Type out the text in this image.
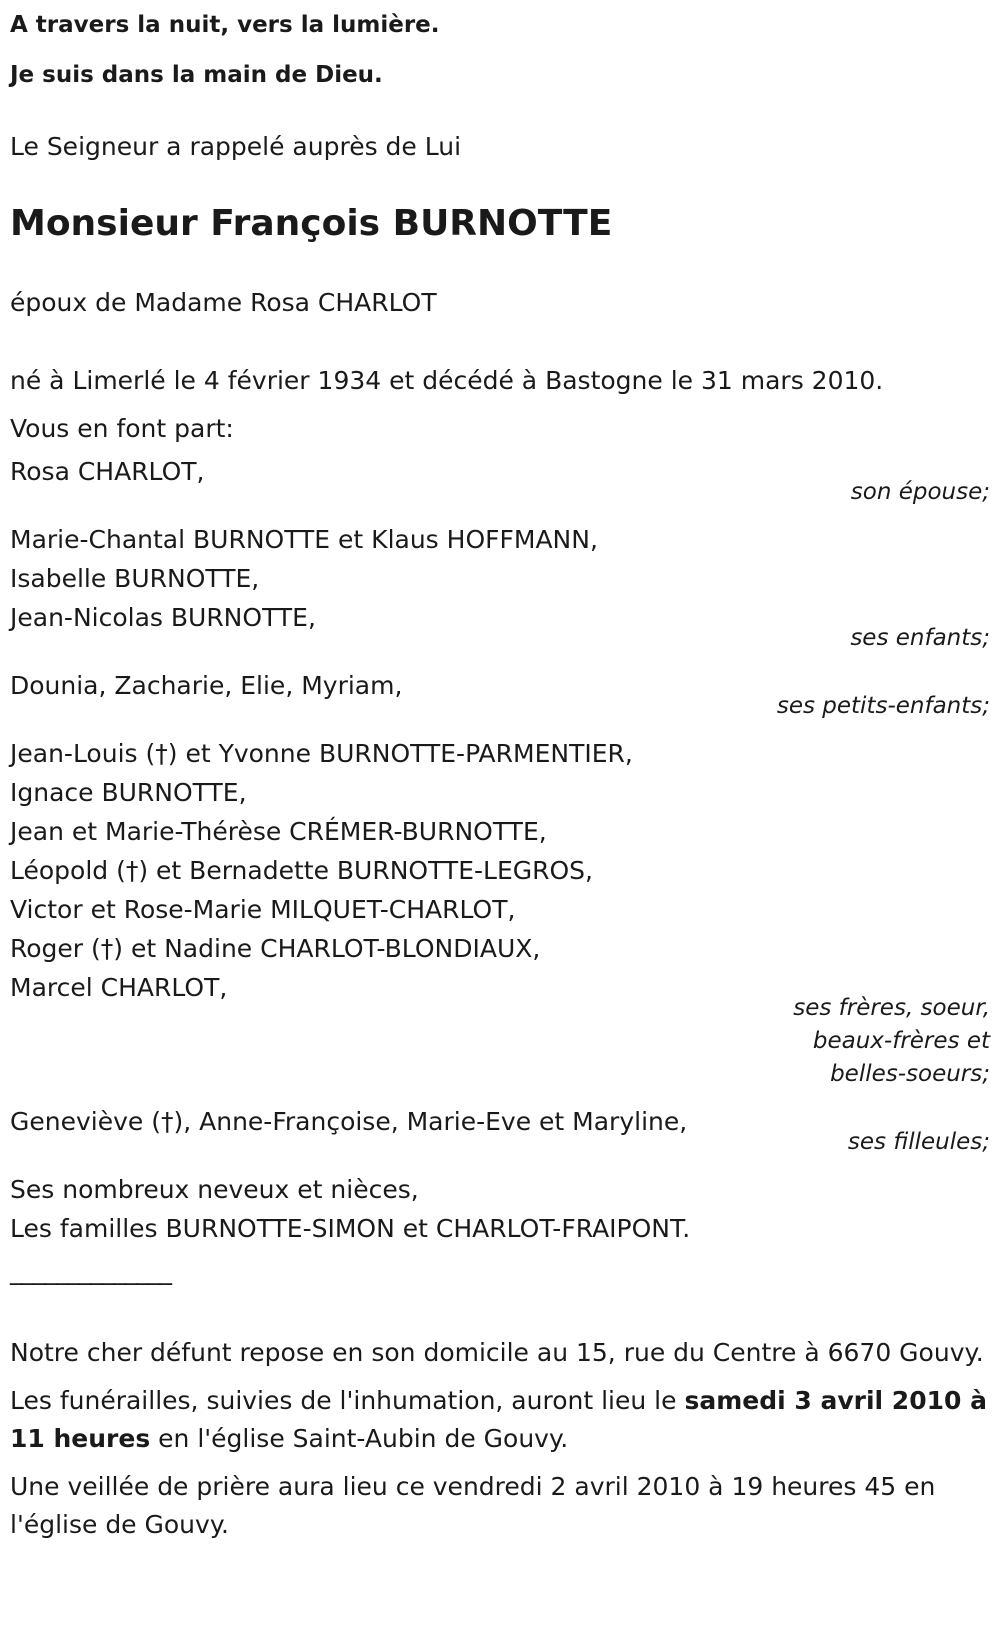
A travers la nuit, vers la lumière.

Je suis dans la main de Dieu.

Le Seigneur a rappelé auprès de Lui

Monsieur François BURNOTTE

époux de Madame Rosa CHARLOT

né à Limerlé le 4 février 1934 et décédé à Bastogne le 31 mars 2010.

Vous en font part:

Rosa CHARLOT,

son épouse;

Marie-Chantal BURNOTTE et Klaus HOFFMANN,

Isabelle BURNOTTE,

Jean-Nicolas BURNOTTE,

ses enfants;

Dounia, Zacharie, Elie, Myriam,

ses petits-enfants;

Jean-Louis (†) et Yvonne BURNOTTE-PARMENTIER,

Ignace BURNOTTE,

Jean et Marie-Thérèse CRÉMER-BURNOTTE,

Léopold (†) et Bernadette BURNOTTE-LEGROS,

Victor et Rose-Marie MILQUET-CHARLOT,

Roger (†) et Nadine CHARLOT-BLONDIAUX,

Marcel CHARLOT,

ses frères, soeur,

beaux-frères et

belles-soeurs;

Geneviève (†), Anne-Françoise, Marie-Eve et Maryline,

ses filleules;

Ses nombreux neveux et nièces,

Les familles BURNOTTE-SIMON et CHARLOT-FRAIPONT.

______________

Notre cher défunt repose en son domicile au 15, rue du Centre à 6670 Gouvy.

Les funérailles, suivies de l'inhumation, auront lieu le samedi 3 avril 2010 à 11 heures en l'église Saint-Aubin de Gouvy.

Une veillée de prière aura lieu ce vendredi 2 avril 2010 à 19 heures 45 en l'église de Gouvy.
